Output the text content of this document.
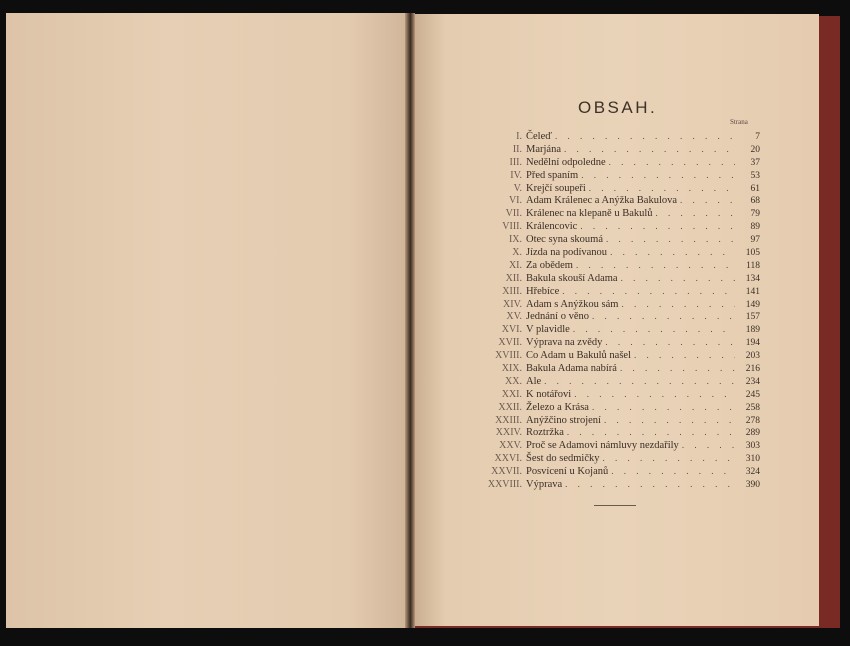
OBSAH.
Strana
I. Čeleď . . .	7
II. Marjána . . .	20
III. Nedělní odpoledne . . .	37
IV. Před spaním . . .	53
V. Krejčí soupeři . . .	61
VI. Adam Králenec a Anýžka Bakulova . . .	68
VII. Králenec na klepaně u Bakulů . . .	79
VIII. Králencovic . . .	89
IX. Otec syna skoumá . . .	97
X. Jízda na podívanou . . .	105
XI. Za obědem . . .	118
XII. Bakula skouší Adama . . .	134
XIII. Hřebíce . . .	141
XIV. Adam s Anýžkou sám . . .	149
XV. Jednání o věno . . .	157
XVI. V plavidle . . .	189
XVII. Výprava na zvědy . . .	194
XVIII. Co Adam u Bakulů našel . . .	203
XIX. Bakula Adama nabírá . . .	216
XX. Ale . . .	234
XXI. K notářovi . . .	245
XXII. Železo a Krása . . .	258
XXIII. Anýžčino strojení . . .	278
XXIV. Roztržka . . .	289
XXV. Proč se Adamovi námluvy nezdařily . . .	303
XXVI. Šest do sedmičky . . .	310
XXVII. Posvícení u Kojanů . . .	324
XXVIII. Výprava . . .	390
